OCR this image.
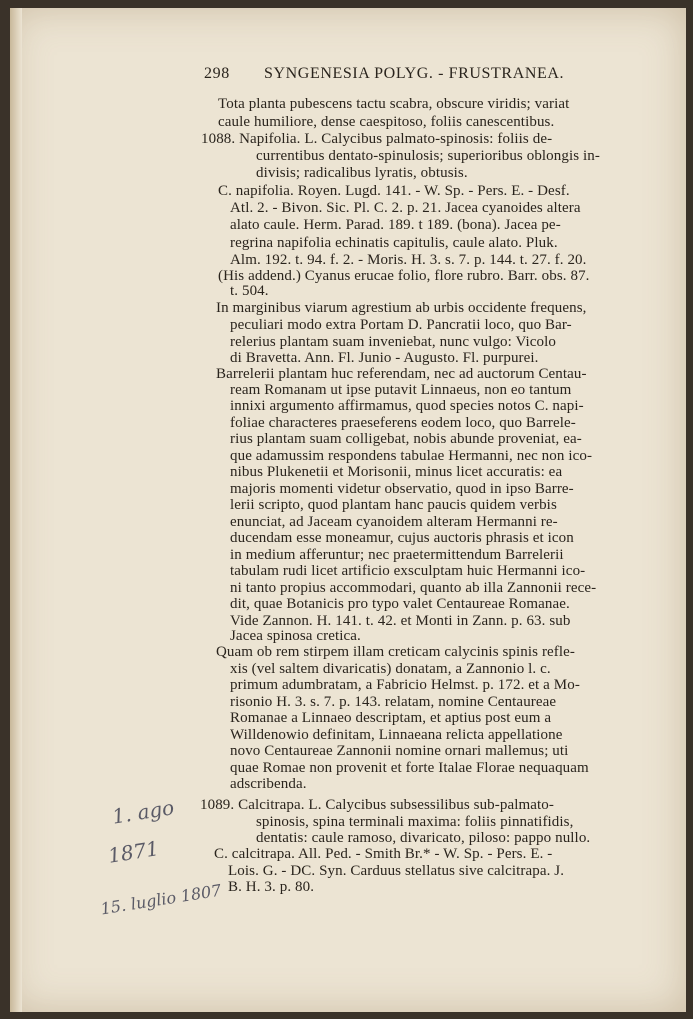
298 SYNGENESIA POLYG. - FRUSTRANEA.
Tota planta pubescens tactu scabra, obscure viridis; variat
caule humiliore, dense caespitoso, foliis canescentibus.
1088. Napifolia. L. Calycibus palmato-spinosis: foliis de-
currentibus dentato-spinulosis; superioribus oblongis in-
divisis; radicalibus lyratis, obtusis.
C. napifolia. Royen. Lugd. 141. - W. Sp. - Pers. E. - Desf.
Atl. 2. - Bivon. Sic. Pl. C. 2. p. 21. Jacea cyanoides altera
alato caule. Herm. Parad. 189. t 189. (bona). Jacea pe-
regrina napifolia echinatis capitulis, caule alato. Pluk.
Alm. 192. t. 94. f. 2. - Moris. H. 3. s. 7. p. 144. t. 27. f. 20.
(His addend.) Cyanus erucae folio, flore rubro. Barr. obs. 87.
t. 504.
In marginibus viarum agrestium ab urbis occidente frequens,
peculiari modo extra Portam D. Pancratii loco, quo Bar-
relerius plantam suam inveniebat, nunc vulgo: Vicolo
di Bravetta. Ann. Fl. Junio - Augusto. Fl. purpurei.
Barrelerii plantam huc referendam, nec ad auctorum Centau-
ream Romanam ut ipse putavit Linnaeus, non eo tantum
innixi argumento affirmamus, quod species notos C. napi-
foliae characteres praeseferens eodem loco, quo Barrele-
rius plantam suam colligebat, nobis abunde proveniat, ea-
que adamussim respondens tabulae Hermanni, nec non ico-
nibus Plukenetii et Morisonii, minus licet accuratis: ea
majoris momenti videtur observatio, quod in ipso Barre-
lerii scripto, quod plantam hanc paucis quidem verbis
enunciat, ad Jaceam cyanoidem alteram Hermanni re-
ducendam esse moneamur, cujus auctoris phrasis et icon
in medium afferuntur; nec praetermittendum Barrelerii
tabulam rudi licet artificio exsculptam huic Hermanni ico-
ni tanto propius accommodari, quanto ab illa Zannonii rece-
dit, quae Botanicis pro typo valet Centaureae Romanae.
Vide Zannon. H. 141. t. 42. et Monti in Zann. p. 63. sub
Jacea spinosa cretica.
Quam ob rem stirpem illam creticam calycinis spinis refle-
xis (vel saltem divaricatis) donatam, a Zannonio l. c.
primum adumbratam, a Fabricio Helmst. p. 172. et a Mo-
risonio H. 3. s. 7. p. 143. relatam, nomine Centaureae
Romanae a Linnaeo descriptam, et aptius post eum a
Willdenowio definitam, Linnaeana relicta appellatione
novo Centaureae Zannonii nomine ornari mallemus; uti
quae Romae non provenit et forte Italae Florae nequaquam
adscribenda.
1089. Calcitrapa. L. Calycibus subsessilibus sub-palmato-
spinosis, spina terminali maxima: foliis pinnatifidis,
dentatis: caule ramoso, divaricato, piloso: pappo nullo.
C. calcitrapa. All. Ped. - Smith Br.* - W. Sp. - Pers. E. -
Lois. G. - DC. Syn. Carduus stellatus sive calcitrapa. J.
B. H. 3. p. 80.
1. ago
1871
15. luglio 1807
